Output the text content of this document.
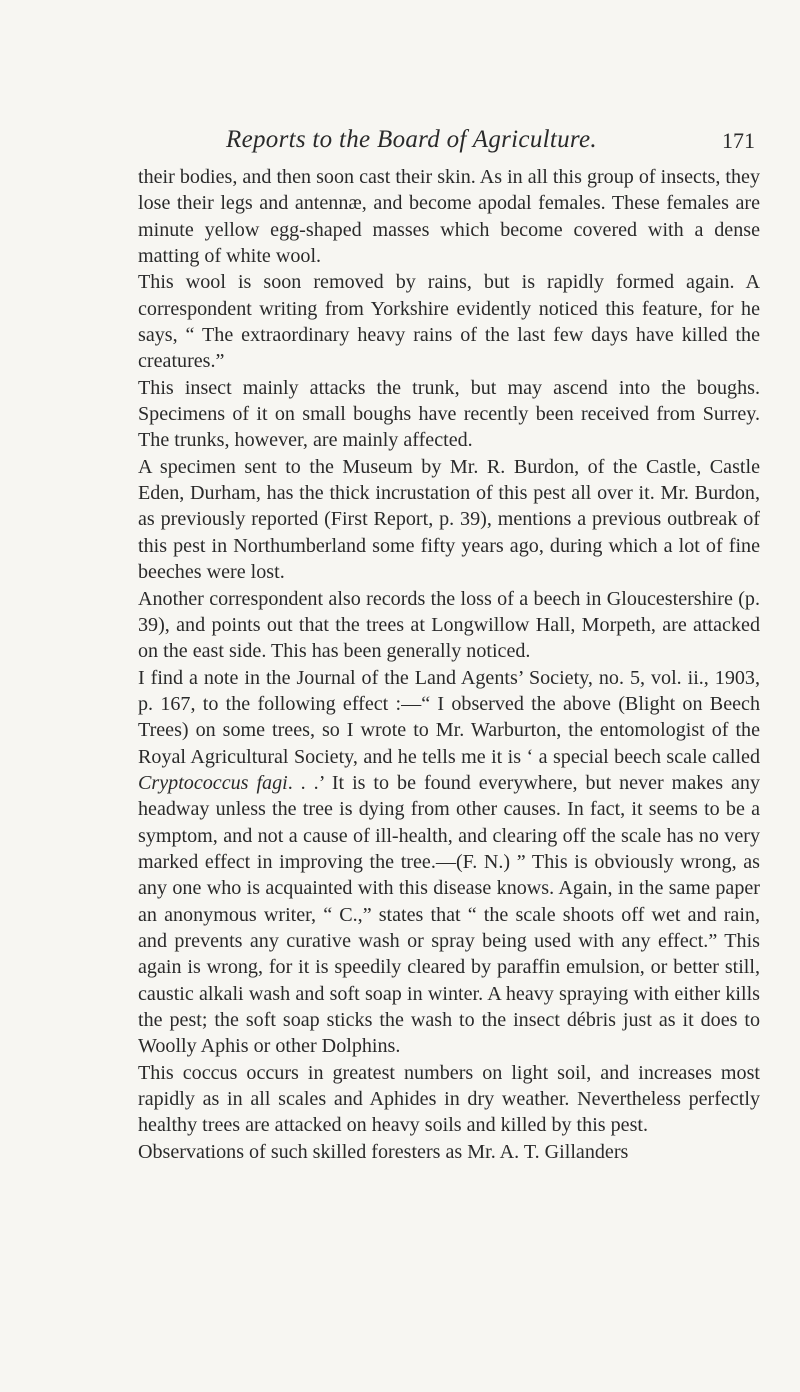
Reports to the Board of Agriculture.	171

their bodies, and then soon cast their skin. As in all this group of insects, they lose their legs and antennæ, and become apodal females. These females are minute yellow egg-shaped masses which become covered with a dense matting of white wool.

This wool is soon removed by rains, but is rapidly formed again. A correspondent writing from Yorkshire evidently noticed this feature, for he says, “ The extraordinary heavy rains of the last few days have killed the creatures.”

This insect mainly attacks the trunk, but may ascend into the boughs. Specimens of it on small boughs have recently been received from Surrey. The trunks, however, are mainly affected.

A specimen sent to the Museum by Mr. R. Burdon, of the Castle, Castle Eden, Durham, has the thick incrustation of this pest all over it. Mr. Burdon, as previously reported (First Report, p. 39), mentions a previous outbreak of this pest in Northumberland some fifty years ago, during which a lot of fine beeches were lost.

Another correspondent also records the loss of a beech in Gloucestershire (p. 39), and points out that the trees at Longwillow Hall, Morpeth, are attacked on the east side. This has been generally noticed.

I find a note in the Journal of the Land Agents’ Society, no. 5, vol. ii., 1903, p. 167, to the following effect :—“ I observed the above (Blight on Beech Trees) on some trees, so I wrote to Mr. Warburton, the entomologist of the Royal Agricultural Society, and he tells me it is ‘ a special beech scale called Cryptococcus fagi. . .’ It is to be found everywhere, but never makes any headway unless the tree is dying from other causes. In fact, it seems to be a symptom, and not a cause of ill-health, and clearing off the scale has no very marked effect in improving the tree.—(F. N.) ” This is obviously wrong, as any one who is acquainted with this disease knows. Again, in the same paper an anonymous writer, “ C.,” states that “ the scale shoots off wet and rain, and prevents any curative wash or spray being used with any effect.” This again is wrong, for it is speedily cleared by paraffin emulsion, or better still, caustic alkali wash and soft soap in winter. A heavy spraying with either kills the pest; the soft soap sticks the wash to the insect débris just as it does to Woolly Aphis or other Dolphins.

This coccus occurs in greatest numbers on light soil, and increases most rapidly as in all scales and Aphides in dry weather. Nevertheless perfectly healthy trees are attacked on heavy soils and killed by this pest.

Observations of such skilled foresters as Mr. A. T. Gillanders
